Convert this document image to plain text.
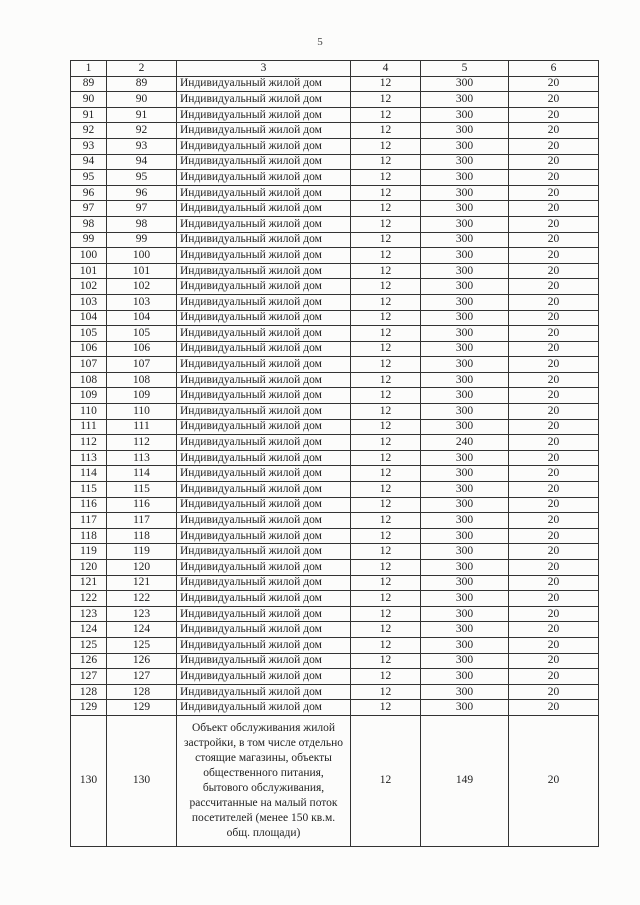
5
1	2	3	4	5	6
89	89	Индивидуальный жилой дом	12	300	20
90	90	Индивидуальный жилой дом	12	300	20
91	91	Индивидуальный жилой дом	12	300	20
92	92	Индивидуальный жилой дом	12	300	20
93	93	Индивидуальный жилой дом	12	300	20
94	94	Индивидуальный жилой дом	12	300	20
95	95	Индивидуальный жилой дом	12	300	20
96	96	Индивидуальный жилой дом	12	300	20
97	97	Индивидуальный жилой дом	12	300	20
98	98	Индивидуальный жилой дом	12	300	20
99	99	Индивидуальный жилой дом	12	300	20
100	100	Индивидуальный жилой дом	12	300	20
101	101	Индивидуальный жилой дом	12	300	20
102	102	Индивидуальный жилой дом	12	300	20
103	103	Индивидуальный жилой дом	12	300	20
104	104	Индивидуальный жилой дом	12	300	20
105	105	Индивидуальный жилой дом	12	300	20
106	106	Индивидуальный жилой дом	12	300	20
107	107	Индивидуальный жилой дом	12	300	20
108	108	Индивидуальный жилой дом	12	300	20
109	109	Индивидуальный жилой дом	12	300	20
110	110	Индивидуальный жилой дом	12	300	20
111	111	Индивидуальный жилой дом	12	300	20
112	112	Индивидуальный жилой дом	12	240	20
113	113	Индивидуальный жилой дом	12	300	20
114	114	Индивидуальный жилой дом	12	300	20
115	115	Индивидуальный жилой дом	12	300	20
116	116	Индивидуальный жилой дом	12	300	20
117	117	Индивидуальный жилой дом	12	300	20
118	118	Индивидуальный жилой дом	12	300	20
119	119	Индивидуальный жилой дом	12	300	20
120	120	Индивидуальный жилой дом	12	300	20
121	121	Индивидуальный жилой дом	12	300	20
122	122	Индивидуальный жилой дом	12	300	20
123	123	Индивидуальный жилой дом	12	300	20
124	124	Индивидуальный жилой дом	12	300	20
125	125	Индивидуальный жилой дом	12	300	20
126	126	Индивидуальный жилой дом	12	300	20
127	127	Индивидуальный жилой дом	12	300	20
128	128	Индивидуальный жилой дом	12	300	20
129	129	Индивидуальный жилой дом	12	300	20
130	130	Объект обслуживания жилой застройки, в том числе отдельно стоящие магазины, объекты общественного питания, бытового обслуживания, рассчитанные на малый поток посетителей (менее 150 кв.м. общ. площади)	12	149	20
